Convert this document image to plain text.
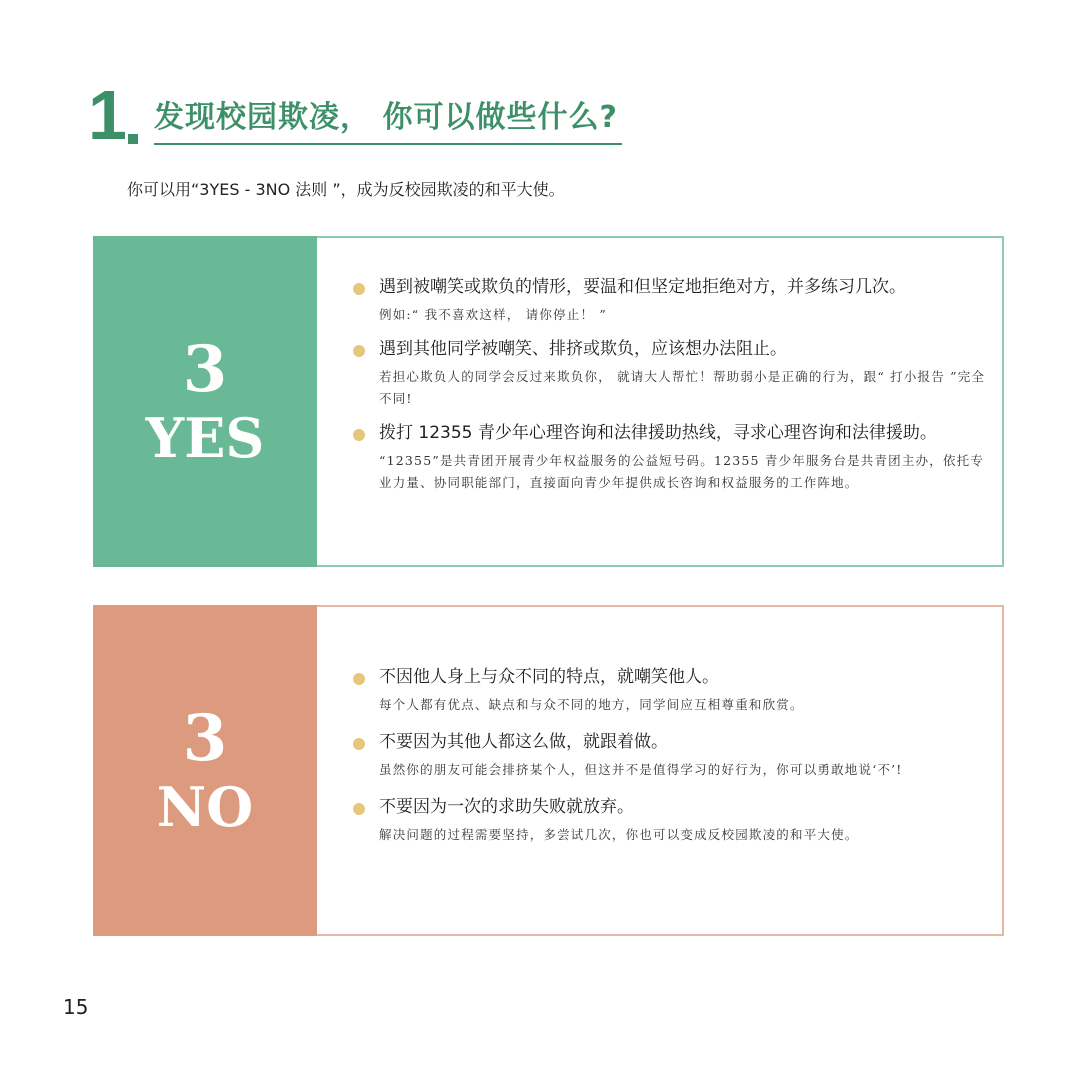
1 发现校园欺凌， 你可以做些什么?
你可以用“3YES - 3NO 法则 ”，成为反校园欺凌的和平大使。
3
YES
遇到被嘲笑或欺负的情形，要温和但坚定地拒绝对方，并多练习几次。
例如:“ 我不喜欢这样， 请你停止！ ”
遇到其他同学被嘲笑、排挤或欺负，应该想办法阻止。
若担心欺负人的同学会反过来欺负你， 就请大人帮忙！帮助弱小是正确的行为，跟“ 打小报告 ”完全不同!
拨打 12355 青少年心理咨询和法律援助热线，寻求心理咨询和法律援助。
“12355”是共青团开展青少年权益服务的公益短号码。12355 青少年服务台是共青团主办，依托专业力量、协同职能部门，直接面向青少年提供成长咨询和权益服务的工作阵地。
3
NO
不因他人身上与众不同的特点，就嘲笑他人。
每个人都有优点、缺点和与众不同的地方，同学间应互相尊重和欣赏。
不要因为其他人都这么做，就跟着做。
虽然你的朋友可能会排挤某个人，但这并不是值得学习的好行为，你可以勇敢地说‘不’!
不要因为一次的求助失败就放弃。
解决问题的过程需要坚持，多尝试几次，你也可以变成反校园欺凌的和平大使。
15
